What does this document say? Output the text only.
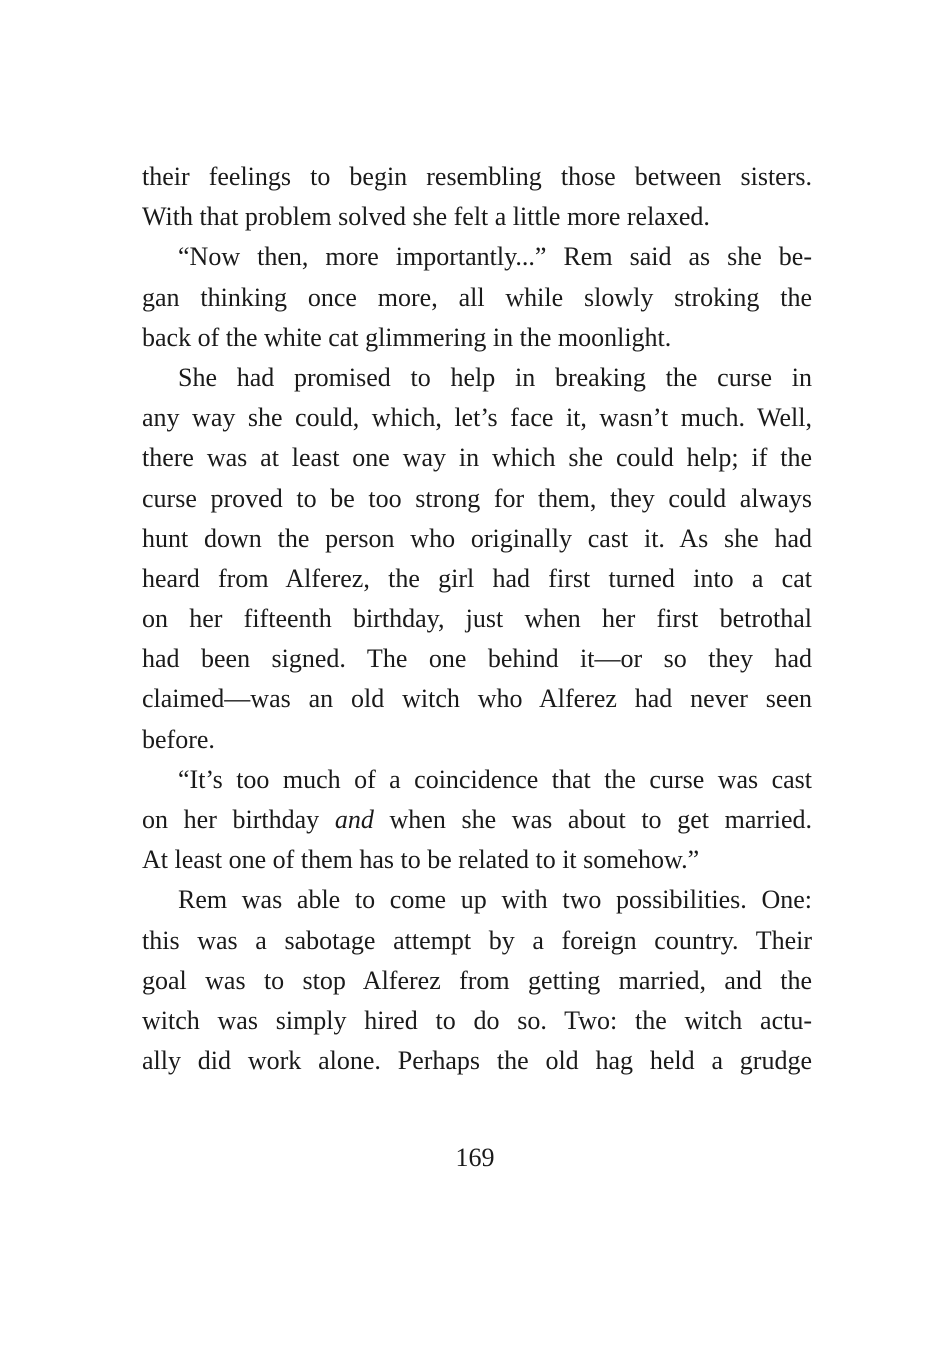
their feelings to begin resembling those between sisters.
With that problem solved she felt a little more relaxed.
“Now then, more importantly...” Rem said as she be-
gan thinking once more, all while slowly stroking the
back of the white cat glimmering in the moonlight.
She had promised to help in breaking the curse in
any way she could, which, let’s face it, wasn’t much. Well,
there was at least one way in which she could help; if the
curse proved to be too strong for them, they could always
hunt down the person who originally cast it. As she had
heard from Alferez, the girl had first turned into a cat
on her fifteenth birthday, just when her first betrothal
had been signed. The one behind it—or so they had
claimed—was an old witch who Alferez had never seen
before.
“It’s too much of a coincidence that the curse was cast
on her birthday and when she was about to get married.
At least one of them has to be related to it somehow.”
Rem was able to come up with two possibilities. One:
this was a sabotage attempt by a foreign country. Their
goal was to stop Alferez from getting married, and the
witch was simply hired to do so. Two: the witch actu-
ally did work alone. Perhaps the old hag held a grudge
169
